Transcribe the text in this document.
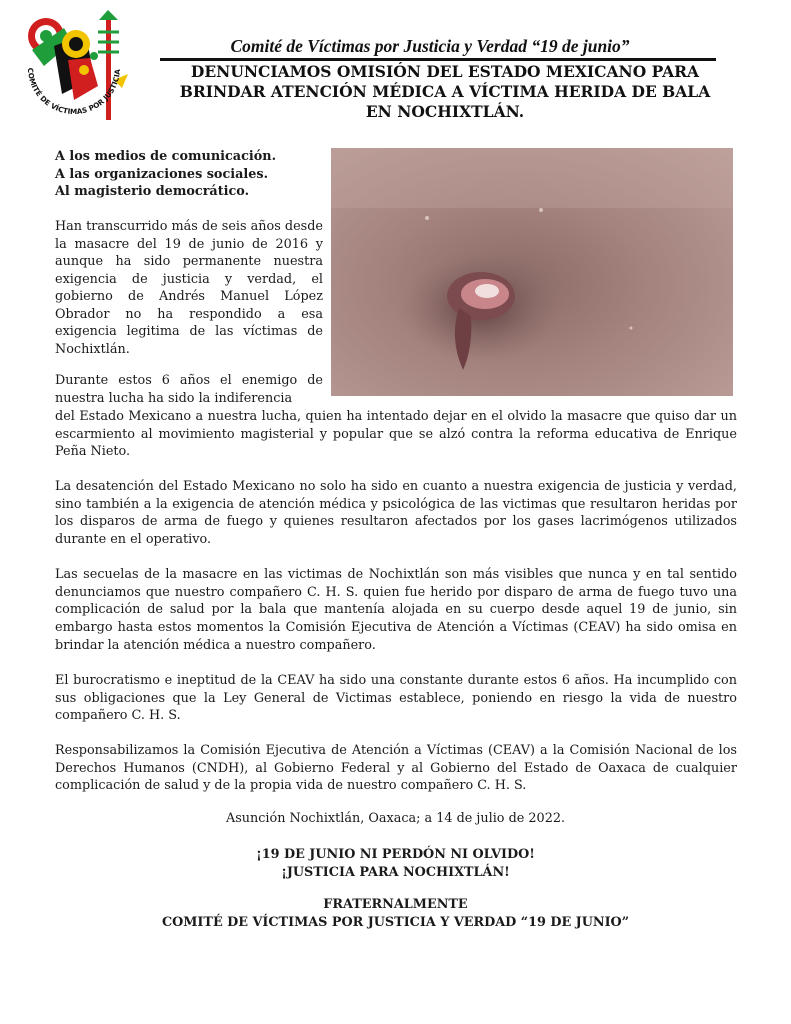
COMITÉ DE VÍCTIMAS POR JUSTICIA
Comité de Víctimas por Justicia y Verdad “19 de junio”
DENUNCIAMOS OMISIÓN DEL ESTADO MEXICANO PARA
BRINDAR ATENCIÓN MÉDICA A VÍCTIMA HERIDA DE BALA
EN NOCHIXTLÁN.
A los medios de comunicación.
A las organizaciones sociales.
Al magisterio democrático.

Han transcurrido más de seis años desde la masacre del 19 de junio de 2016 y aunque ha sido permanente nuestra exigencia de justicia y verdad, el gobierno de Andrés Manuel López Obrador no ha respondido a esa exigencia legitima de las víctimas de Nochixtlán.

Durante estos 6 años el enemigo de nuestra lucha ha sido la indiferencia

del Estado Mexicano a nuestra lucha, quien ha intentado dejar en el olvido la masacre que quiso dar un escarmiento al movimiento magisterial y popular que se alzó contra la reforma educativa de Enrique Peña Nieto.

La desatención del Estado Mexicano no solo ha sido en cuanto a nuestra exigencia de justicia y verdad, sino también a la exigencia de atención médica y psicológica de las victimas que resultaron heridas por los disparos de arma de fuego y quienes resultaron afectados por los gases lacrimógenos utilizados durante en el operativo.

Las secuelas de la masacre en las victimas de Nochixtlán son más visibles que nunca y en tal sentido denunciamos que nuestro compañero C. H. S. quien fue herido por disparo de arma de fuego tuvo una complicación de salud por la bala que mantenía alojada en su cuerpo desde aquel 19 de junio, sin embargo hasta estos momentos la Comisión Ejecutiva de Atención a Víctimas (CEAV) ha sido omisa en brindar la atención médica a nuestro compañero.

El burocratismo e ineptitud de la CEAV ha sido una constante durante estos 6 años. Ha incumplido con sus obligaciones que la Ley General de Victimas establece, poniendo en riesgo la vida de nuestro compañero C. H. S.

Responsabilizamos la Comisión Ejecutiva de Atención a Víctimas (CEAV) a la Comisión Nacional de los Derechos Humanos (CNDH), al Gobierno Federal y al Gobierno del Estado de Oaxaca de cualquier complicación de salud y de la propia vida de nuestro compañero C. H. S.

Asunción Nochixtlán, Oaxaca; a 14 de julio de 2022.
¡19 DE JUNIO NI PERDÓN NI OLVIDO!
¡JUSTICIA PARA NOCHIXTLÁN!
FRATERNALMENTE
COMITÉ DE VÍCTIMAS POR JUSTICIA Y VERDAD “19 DE JUNIO”
